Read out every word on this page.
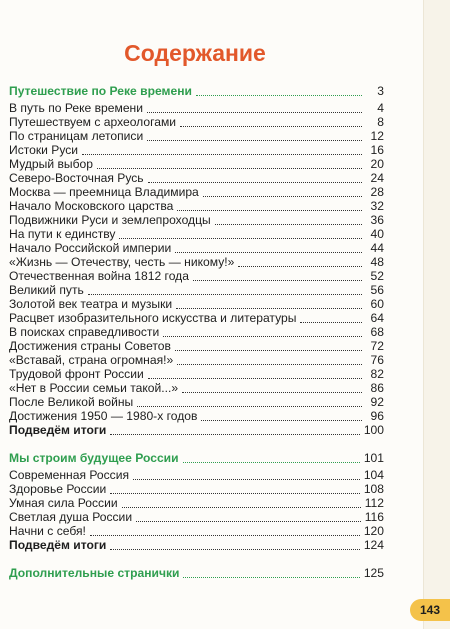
Содержание
Путешествие по Реке времени	3
В путь по Реке времени	4
Путешествуем с археологами	8
По страницам летописи	12
Истоки Руси	16
Мудрый выбор	20
Северо-Восточная Русь	24
Москва — преемница Владимира	28
Начало Московского царства	32
Подвижники Руси и землепроходцы	36
На пути к единству	40
Начало Российской империи	44
«Жизнь — Отечеству, честь — никому!»	48
Отечественная война 1812 года	52
Великий путь	56
Золотой век театра и музыки	60
Расцвет изобразительного искусства и литературы	64
В поисках справедливости	68
Достижения страны Советов	72
«Вставай, страна огромная!»	76
Трудовой фронт России	82
«Нет в России семьи такой...»	86
После Великой войны	92
Достижения 1950 — 1980-х годов	96
Подведём итоги	100
Мы строим будущее России	101
Современная Россия	104
Здоровье России	108
Умная сила России	112
Светлая душа России	116
Начни с себя!	120
Подведём итоги	124
Дополнительные странички	125
143
